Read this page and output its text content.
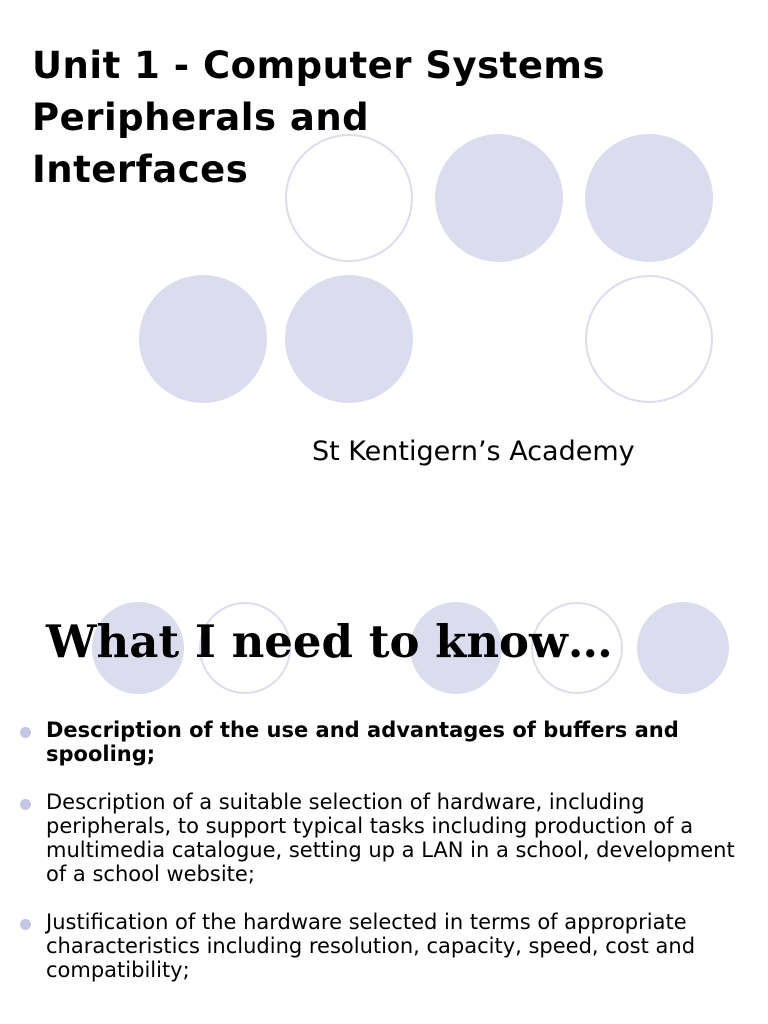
Unit 1 - Computer Systems
Peripherals and
Interfaces

St Kentigern’s Academy

What I need to know…
Description of the use and advantages of buffers and spooling;
Description of a suitable selection of hardware, including peripherals, to support typical tasks including production of a multimedia catalogue, setting up a LAN in a school, development of a school website;
Justification of the hardware selected in terms of appropriate characteristics including resolution, capacity, speed, cost and compatibility;
